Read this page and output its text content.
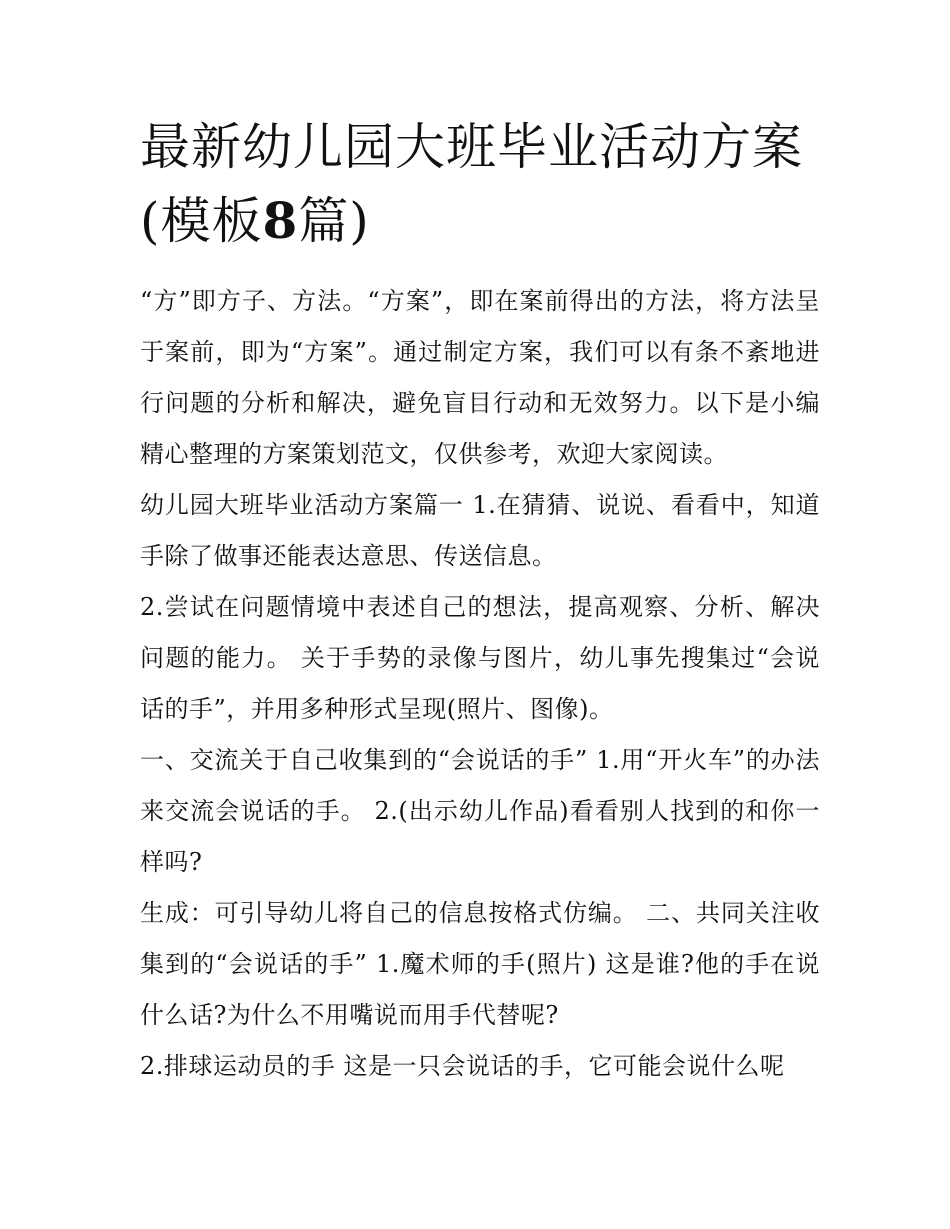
最新幼儿园大班毕业活动方案
(模板8篇)

“方”即方子、方法。“方案”，即在案前得出的方法，将方法呈于案前，即为“方案”。通过制定方案，我们可以有条不紊地进行问题的分析和解决，避免盲目行动和无效努力。以下是小编精心整理的方案策划范文，仅供参考，欢迎大家阅读。

幼儿园大班毕业活动方案篇一 1.在猜猜、说说、看看中，知道手除了做事还能表达意思、传送信息。

2.尝试在问题情境中表述自己的想法，提高观察、分析、解决问题的能力。 关于手势的录像与图片，幼儿事先搜集过“会说话的手”，并用多种形式呈现(照片、图像)。

一、交流关于自己收集到的“会说话的手” 1.用“开火车”的办法来交流会说话的手。 2.(出示幼儿作品)看看别人找到的和你一样吗?

生成：可引导幼儿将自己的信息按格式仿编。 二、共同关注收集到的“会说话的手” 1.魔术师的手(照片) 这是谁?他的手在说什么话?为什么不用嘴说而用手代替呢?

2.排球运动员的手 这是一只会说话的手，它可能会说什么呢
